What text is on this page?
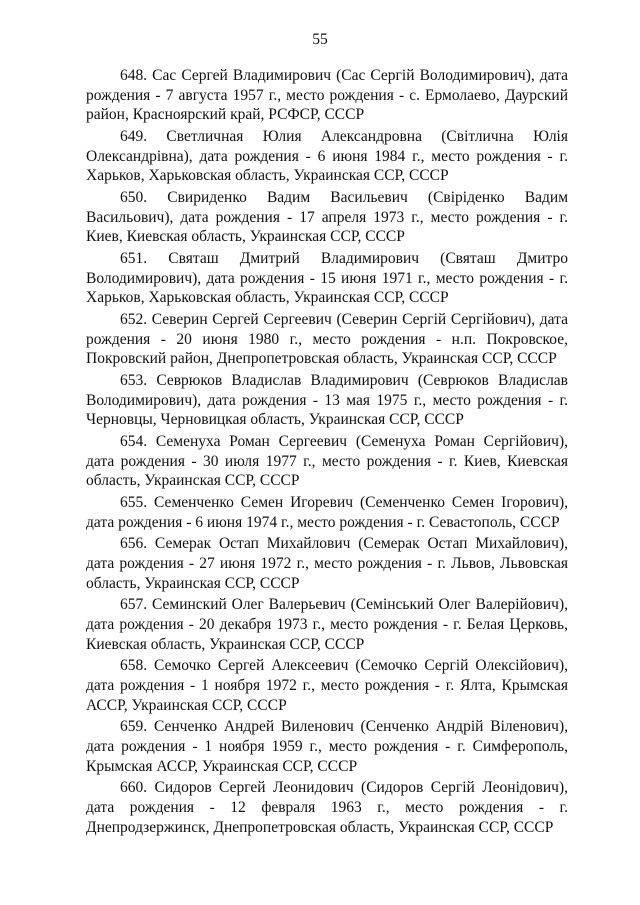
55

648. Сас Сергей Владимирович (Сас Сергій Володимирович), дата рождения - 7 августа 1957 г., место рождения - с. Ермолаево, Даурский район, Красноярский край, РСФСР, СССР

649. Светличная Юлия Александровна (Світлична Юлія Олександрівна), дата рождения - 6 июня 1984 г., место рождения - г. Харьков, Харьковская область, Украинская ССР, СССР

650. Свириденко Вадим Васильевич (Свіріденко Вадим Васильович), дата рождения - 17 апреля 1973 г., место рождения - г. Киев, Киевская область, Украинская ССР, СССР

651. Святаш Дмитрий Владимирович (Святаш Дмитро Володимирович), дата рождения - 15 июня 1971 г., место рождения - г. Харьков, Харьковская область, Украинская ССР, СССР

652. Северин Сергей Сергеевич (Северин Сергій Сергійович), дата рождения - 20 июня 1980 г., место рождения - н.п. Покровское, Покровский район, Днепропетровская область, Украинская ССР, СССР

653. Севрюков Владислав Владимирович (Севрюков Владислав Володимирович), дата рождения - 13 мая 1975 г., место рождения - г. Черновцы, Черновицкая область, Украинская ССР, СССР

654. Семенуха Роман Сергеевич (Семенуха Роман Сергійович), дата рождения - 30 июля 1977 г., место рождения - г. Киев, Киевская область, Украинская ССР, СССР

655. Семенченко Семен Игоревич (Семенченко Семен Ігорович), дата рождения - 6 июня 1974 г., место рождения - г. Севастополь, СССР

656. Семерак Остап Михайлович (Семерак Остап Михайлович), дата рождения - 27 июня 1972 г., место рождения - г. Львов, Львовская область, Украинская ССР, СССР

657. Семинский Олег Валерьевич (Семінський Олег Валерійович), дата рождения - 20 декабря 1973 г., место рождения - г. Белая Церковь, Киевская область, Украинская ССР, СССР

658. Семочко Сергей Алексеевич (Семочко Сергій Олексійович), дата рождения - 1 ноября 1972 г., место рождения - г. Ялта, Крымская АССР, Украинская ССР, СССР

659. Сенченко Андрей Виленович (Сенченко Андрій Віленович), дата рождения - 1 ноября 1959 г., место рождения - г. Симферополь, Крымская АССР, Украинская ССР, СССР

660. Сидоров Сергей Леонидович (Сидоров Сергій Леонідович), дата рождения - 12 февраля 1963 г., место рождения - г. Днепродзержинск, Днепропетровская область, Украинская ССР, СССР
